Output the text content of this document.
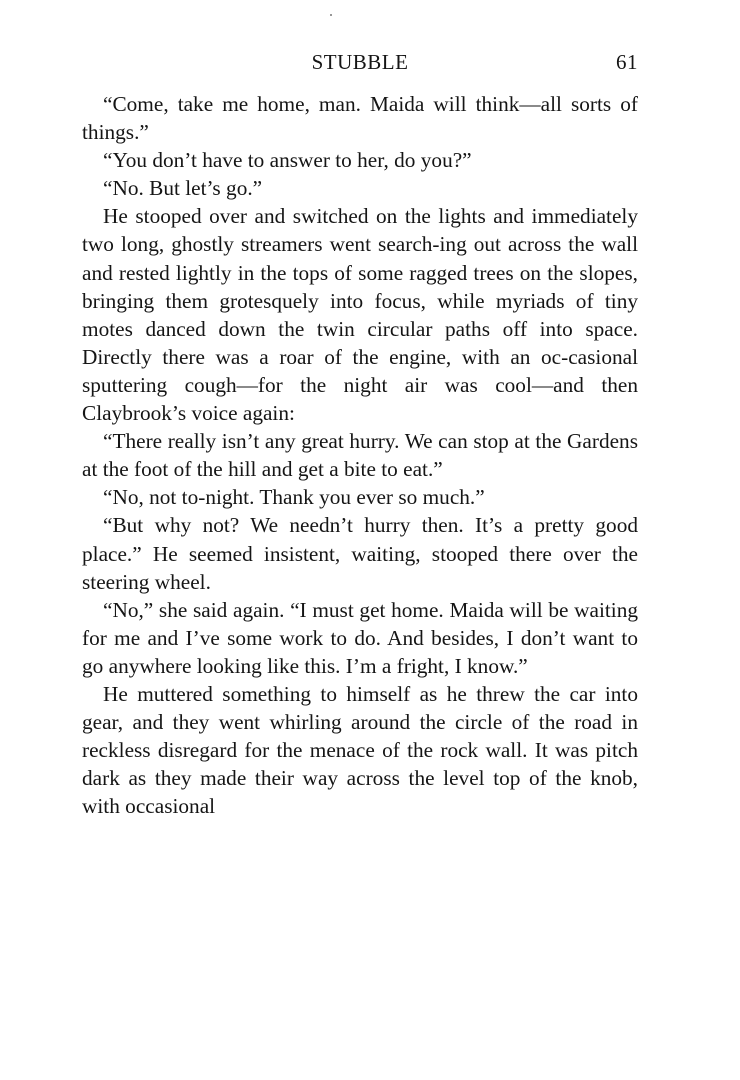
STUBBLE	61

“Come, take me home, man. Maida will think—all sorts of things.”

“You don’t have to answer to her, do you?”

“No. But let’s go.”

He stooped over and switched on the lights and immediately two long, ghostly streamers went search-ing out across the wall and rested lightly in the tops of some ragged trees on the slopes, bringing them grotesquely into focus, while myriads of tiny motes danced down the twin circular paths off into space. Directly there was a roar of the engine, with an oc-casional sputtering cough—for the night air was cool—and then Claybrook’s voice again:

“There really isn’t any great hurry. We can stop at the Gardens at the foot of the hill and get a bite to eat.”

“No, not to-night. Thank you ever so much.”

“But why not? We needn’t hurry then. It’s a pretty good place.” He seemed insistent, waiting, stooped there over the steering wheel.

“No,” she said again. “I must get home. Maida will be waiting for me and I’ve some work to do. And besides, I don’t want to go anywhere looking like this. I’m a fright, I know.”

He muttered something to himself as he threw the car into gear, and they went whirling around the circle of the road in reckless disregard for the menace of the rock wall. It was pitch dark as they made their way across the level top of the knob, with occasional
